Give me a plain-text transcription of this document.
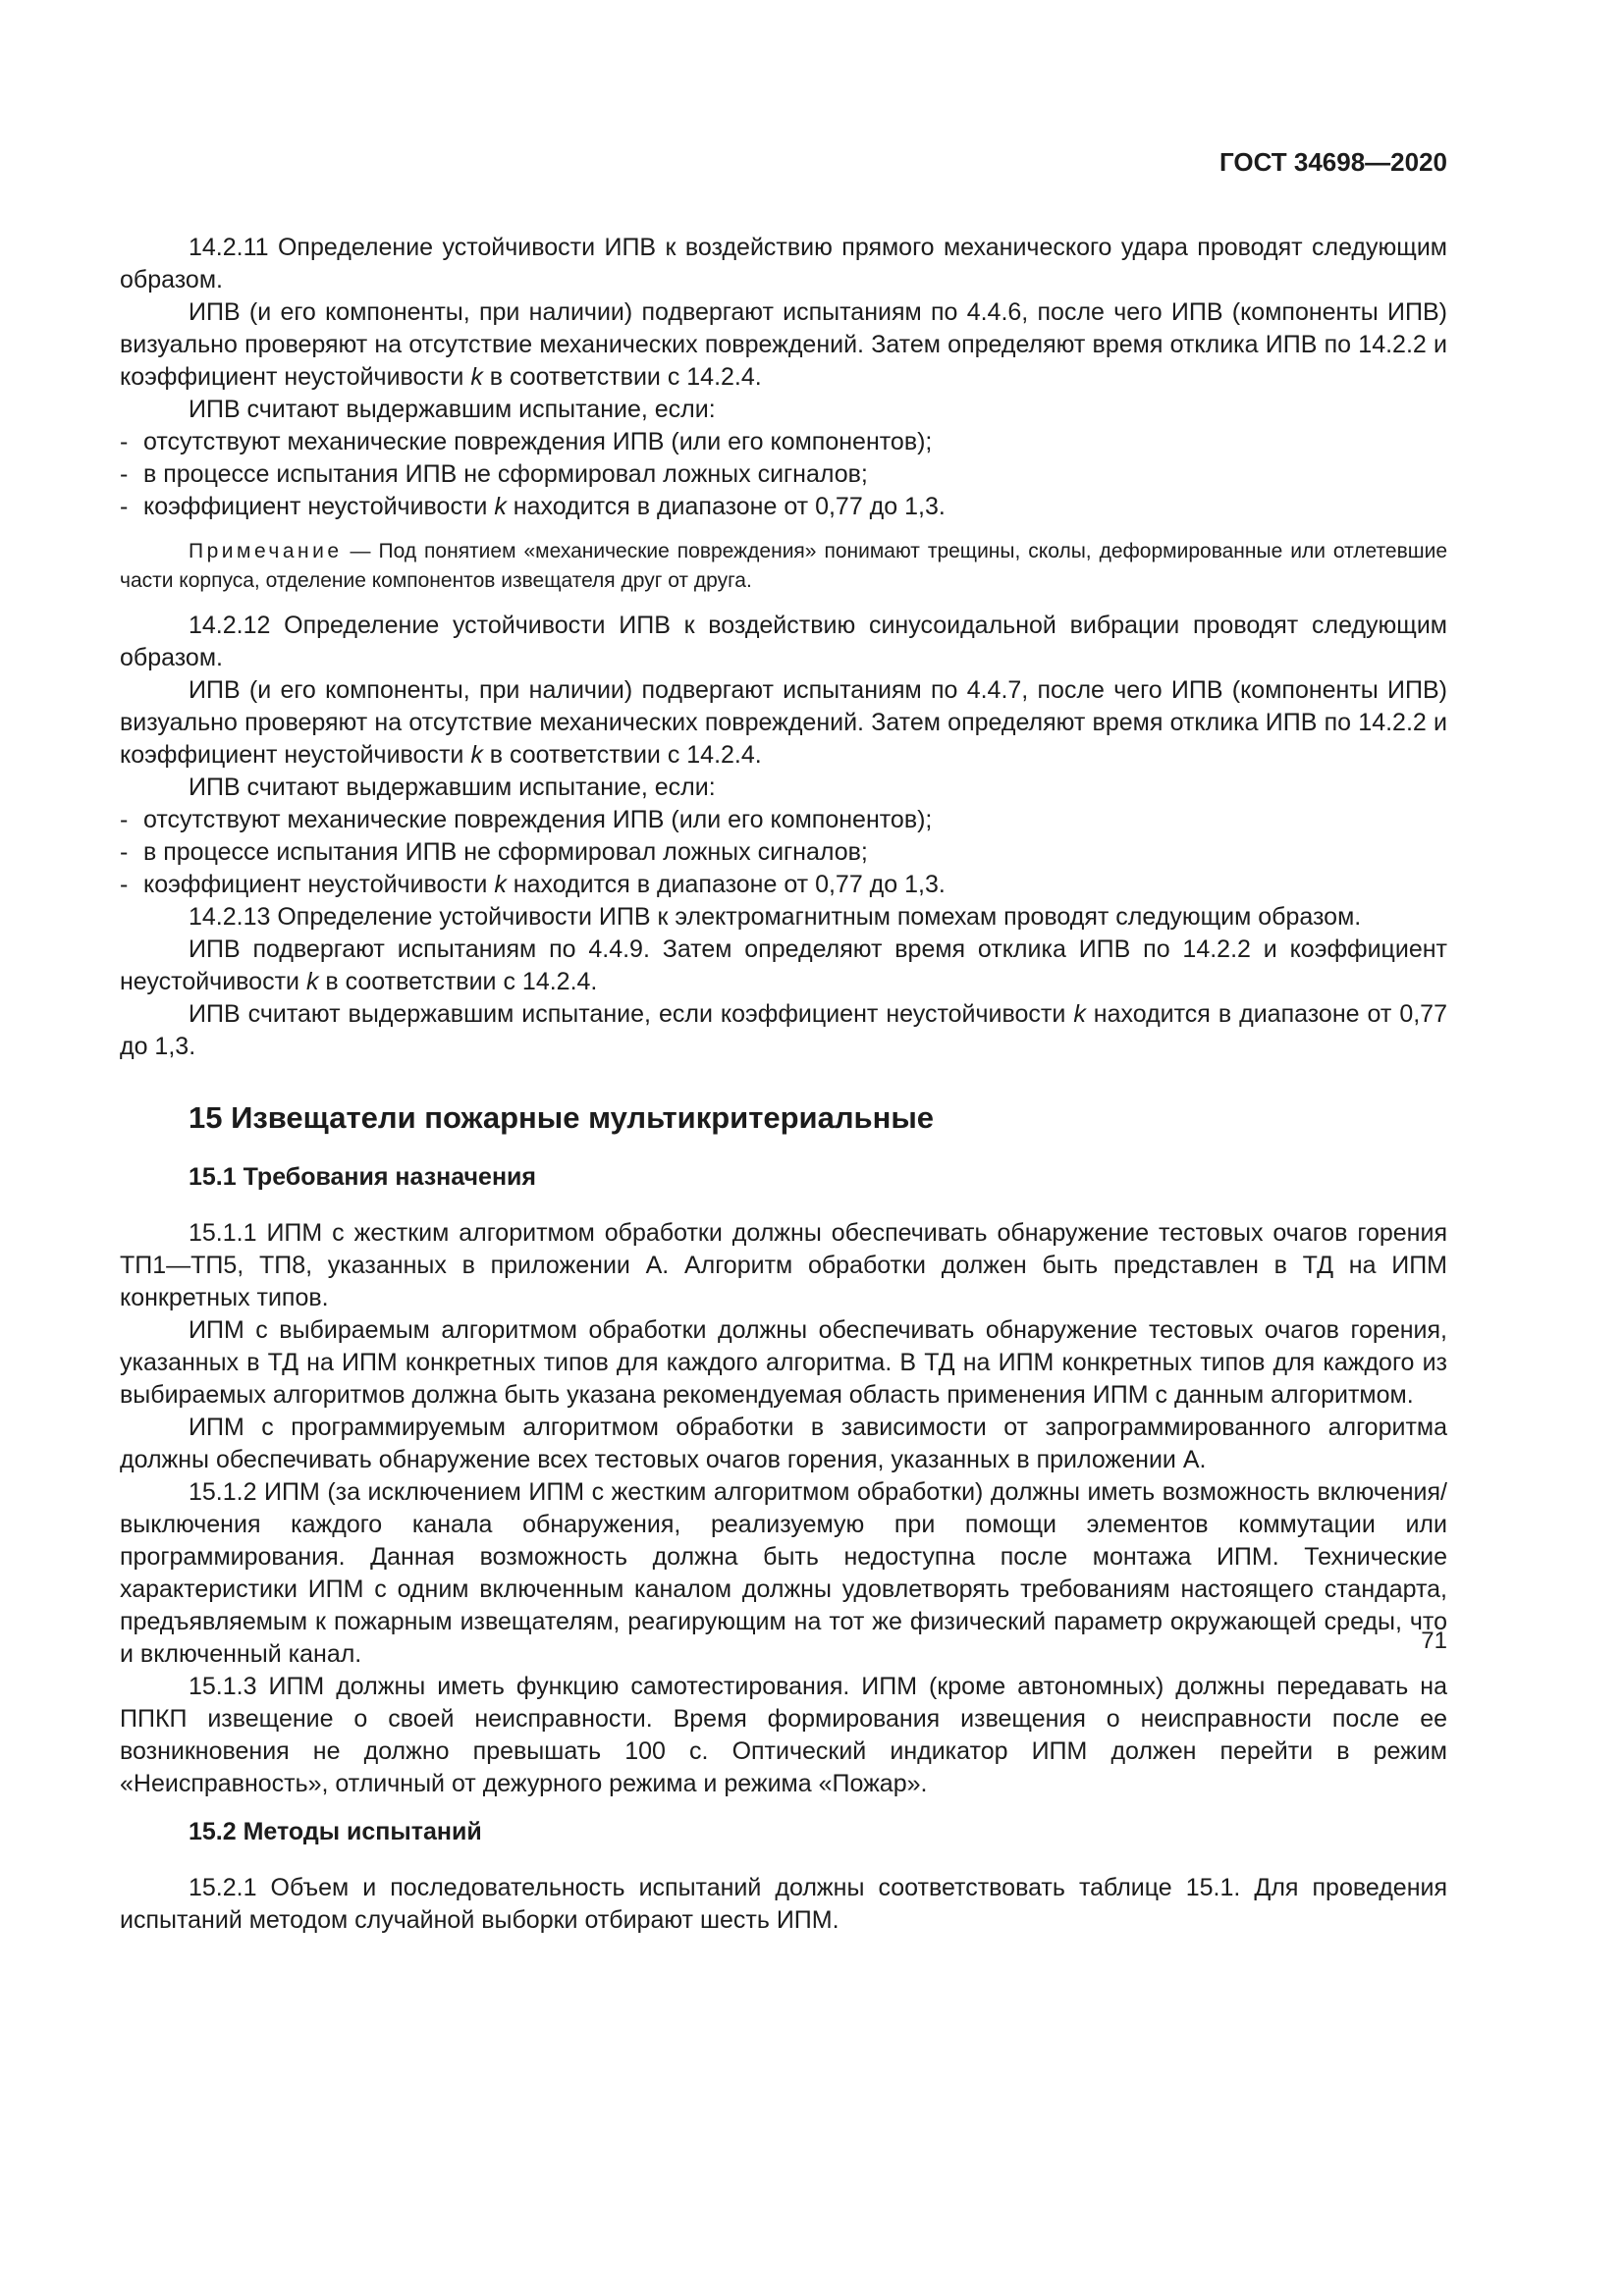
ГОСТ 34698—2020

14.2.11 Определение устойчивости ИПВ к воздействию прямого механического удара проводят следующим образом.

ИПВ (и его компоненты, при наличии) подвергают испытаниям по 4.4.6, после чего ИПВ (компоненты ИПВ) визуально проверяют на отсутствие механических повреждений. Затем определяют время отклика ИПВ по 14.2.2 и коэффициент неустойчивости k в соответствии с 14.2.4.

ИПВ считают выдержавшим испытание, если:

- отсутствуют механические повреждения ИПВ (или его компонентов);

- в процессе испытания ИПВ не сформировал ложных сигналов;

- коэффициент неустойчивости k находится в диапазоне от 0,77 до 1,3.

Примечание — Под понятием «механические повреждения» понимают трещины, сколы, деформированные или отлетевшие части корпуса, отделение компонентов извещателя друг от друга.

14.2.12 Определение устойчивости ИПВ к воздействию синусоидальной вибрации проводят следующим образом.

ИПВ (и его компоненты, при наличии) подвергают испытаниям по 4.4.7, после чего ИПВ (компоненты ИПВ) визуально проверяют на отсутствие механических повреждений. Затем определяют время отклика ИПВ по 14.2.2 и коэффициент неустойчивости k в соответствии с 14.2.4.

ИПВ считают выдержавшим испытание, если:

- отсутствуют механические повреждения ИПВ (или его компонентов);

- в процессе испытания ИПВ не сформировал ложных сигналов;

- коэффициент неустойчивости k находится в диапазоне от 0,77 до 1,3.

14.2.13 Определение устойчивости ИПВ к электромагнитным помехам проводят следующим образом.

ИПВ подвергают испытаниям по 4.4.9. Затем определяют время отклика ИПВ по 14.2.2 и коэффициент неустойчивости k в соответствии с 14.2.4.

ИПВ считают выдержавшим испытание, если коэффициент неустойчивости k находится в диапазоне от 0,77 до 1,3.

15 Извещатели пожарные мультикритериальные
15.1 Требования назначения

15.1.1 ИПМ с жестким алгоритмом обработки должны обеспечивать обнаружение тестовых очагов горения ТП1—ТП5, ТП8, указанных в приложении А. Алгоритм обработки должен быть представлен в ТД на ИПМ конкретных типов.

ИПМ с выбираемым алгоритмом обработки должны обеспечивать обнаружение тестовых очагов горения, указанных в ТД на ИПМ конкретных типов для каждого алгоритма. В ТД на ИПМ конкретных типов для каждого из выбираемых алгоритмов должна быть указана рекомендуемая область применения ИПМ с данным алгоритмом.

ИПМ с программируемым алгоритмом обработки в зависимости от запрограммированного алгоритма должны обеспечивать обнаружение всех тестовых очагов горения, указанных в приложении А.

15.1.2 ИПМ (за исключением ИПМ с жестким алгоритмом обработки) должны иметь возможность включения/выключения каждого канала обнаружения, реализуемую при помощи элементов коммутации или программирования. Данная возможность должна быть недоступна после монтажа ИПМ. Технические характеристики ИПМ с одним включенным каналом должны удовлетворять требованиям настоящего стандарта, предъявляемым к пожарным извещателям, реагирующим на тот же физический параметр окружающей среды, что и включенный канал.

15.1.3 ИПМ должны иметь функцию самотестирования. ИПМ (кроме автономных) должны передавать на ППКП извещение о своей неисправности. Время формирования извещения о неисправности после ее возникновения не должно превышать 100 с. Оптический индикатор ИПМ должен перейти в режим «Неисправность», отличный от дежурного режима и режима «Пожар».

15.2 Методы испытаний

15.2.1 Объем и последовательность испытаний должны соответствовать таблице 15.1. Для проведения испытаний методом случайной выборки отбирают шесть ИПМ.

71
